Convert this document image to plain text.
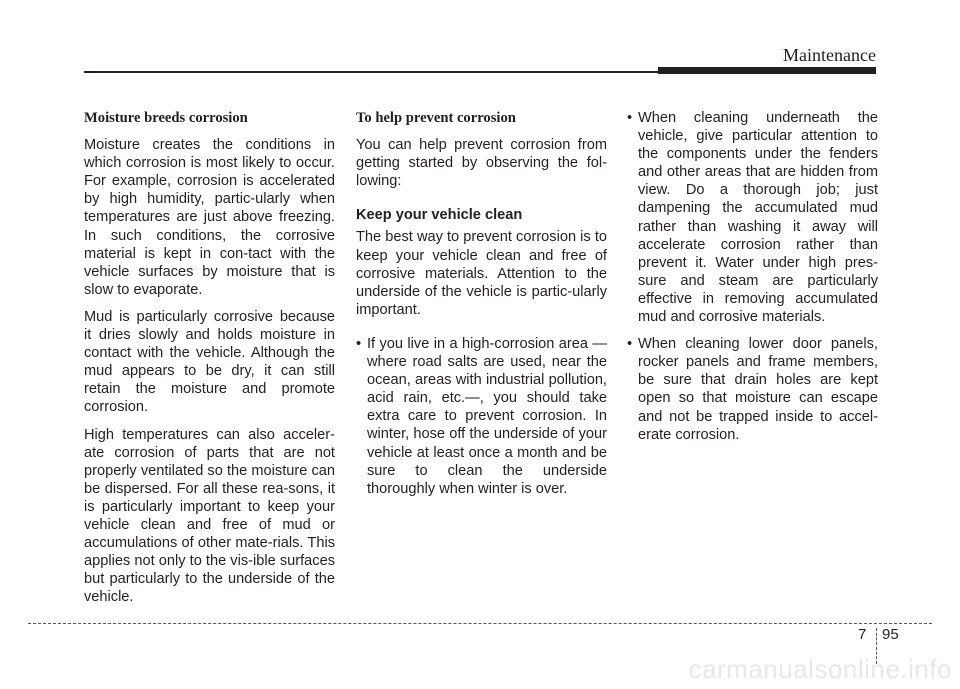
Maintenance
Moisture breeds corrosion

Moisture creates the conditions in which corrosion is most likely to occur. For example, corrosion is accelerated by high humidity, partic-ularly when temperatures are just above freezing. In such conditions, the corrosive material is kept in con-tact with the vehicle surfaces by moisture that is slow to evaporate.

Mud is particularly corrosive because it dries slowly and holds moisture in contact with the vehicle. Although the mud appears to be dry, it can still retain the moisture and promote corrosion.

High temperatures can also acceler-ate corrosion of parts that are not properly ventilated so the moisture can be dispersed. For all these rea-sons, it is particularly important to keep your vehicle clean and free of mud or accumulations of other mate-rials. This applies not only to the vis-ible surfaces but particularly to the underside of the vehicle.

To help prevent corrosion

You can help prevent corrosion from getting started by observing the fol-lowing:

Keep your vehicle clean

The best way to prevent corrosion is to keep your vehicle clean and free of corrosive materials. Attention to the underside of the vehicle is partic-ularly important.

• If you live in a high-corrosion area — where road salts are used, near the ocean, areas with industrial pollution, acid rain, etc.—, you should take extra care to prevent corrosion. In winter, hose off the underside of your vehicle at least once a month and be sure to clean the underside thoroughly when winter is over.
• When cleaning underneath the vehicle, give particular attention to the components under the fenders and other areas that are hidden from view. Do a thorough job; just dampening the accumulated mud rather than washing it away will accelerate corrosion rather than prevent it. Water under high pres-sure and steam are particularly effective in removing accumulated mud and corrosive materials.
• When cleaning lower door panels, rocker panels and frame members, be sure that drain holes are kept open so that moisture can escape and not be trapped inside to accel-erate corrosion.
7 95
carmanualsonline.info
